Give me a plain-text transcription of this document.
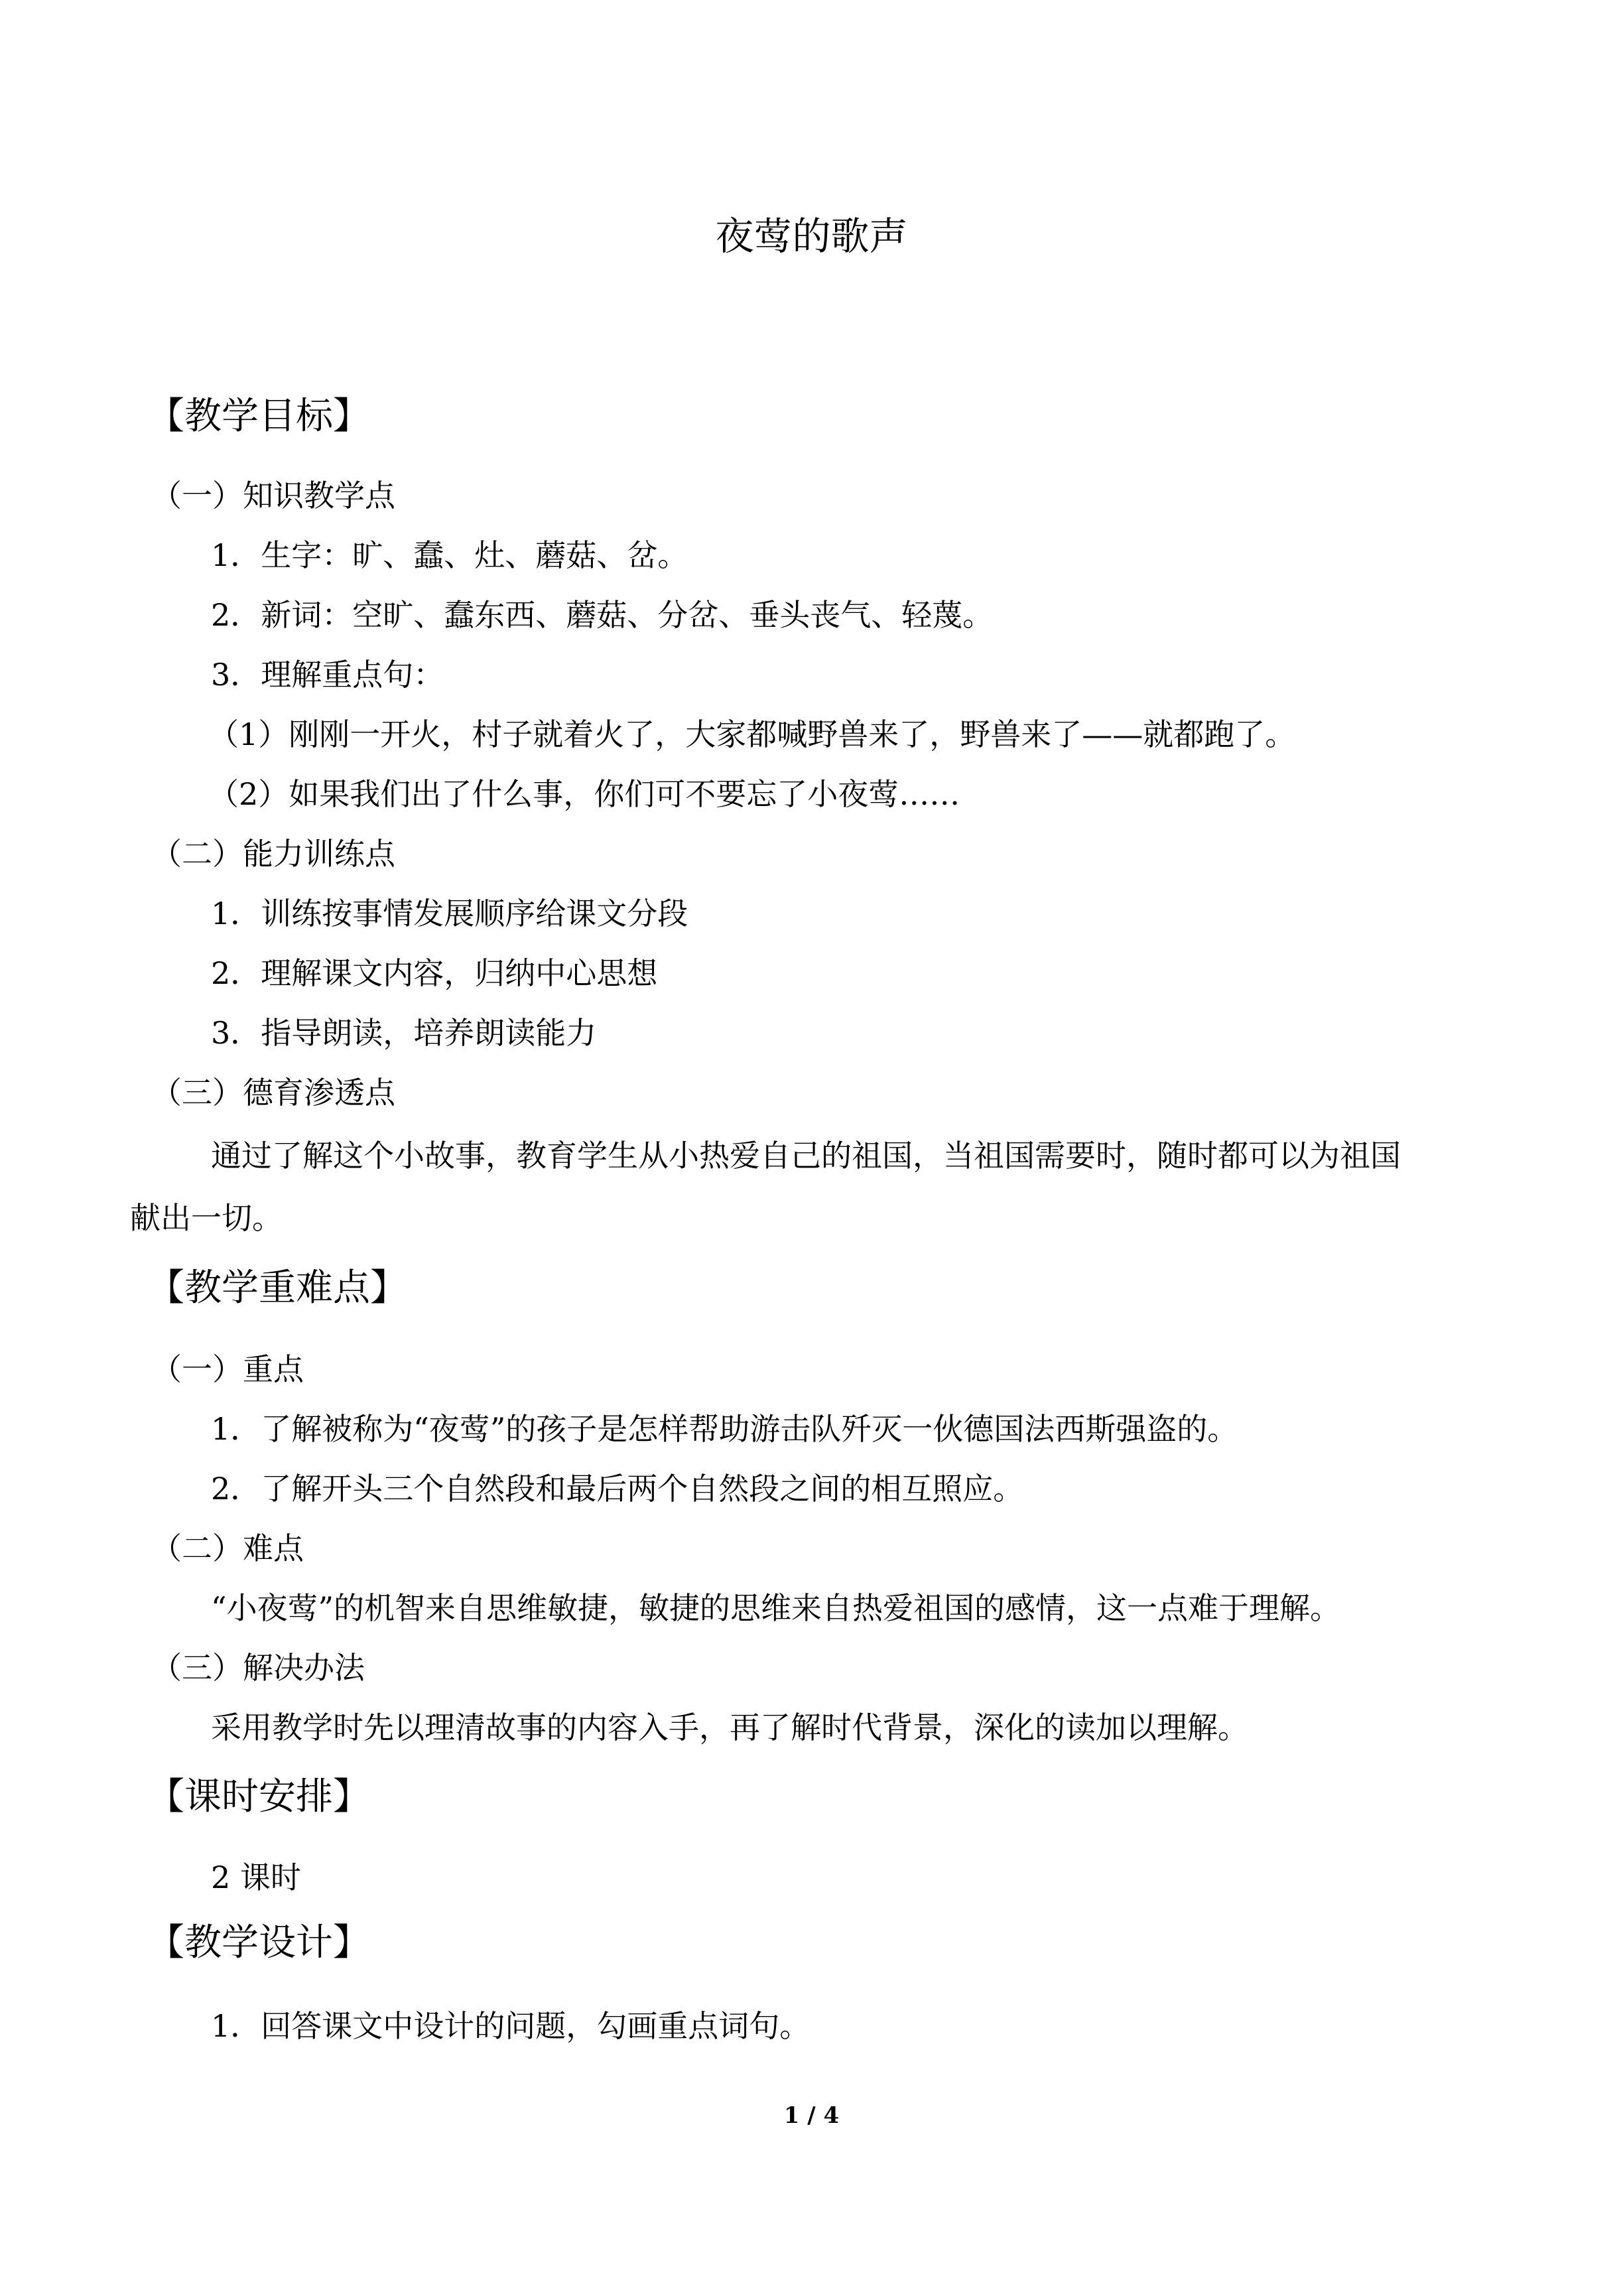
夜莺的歌声
【教学目标】
（一）知识教学点
1．生字：旷、蠢、灶、蘑菇、岔。
2．新词：空旷、蠢东西、蘑菇、分岔、垂头丧气、轻蔑。
3．理解重点句：
（1）刚刚一开火，村子就着火了，大家都喊野兽来了，野兽来了——就都跑了。
（2）如果我们出了什么事，你们可不要忘了小夜莺……
（二）能力训练点
1．训练按事情发展顺序给课文分段
2．理解课文内容，归纳中心思想
3．指导朗读，培养朗读能力
（三）德育渗透点
通过了解这个小故事，教育学生从小热爱自己的祖国，当祖国需要时，随时都可以为祖国
献出一切。
【教学重难点】
（一）重点
1．了解被称为“夜莺”的孩子是怎样帮助游击队歼灭一伙德国法西斯强盗的。
2．了解开头三个自然段和最后两个自然段之间的相互照应。
（二）难点
“小夜莺”的机智来自思维敏捷，敏捷的思维来自热爱祖国的感情，这一点难于理解。
（三）解决办法
采用教学时先以理清故事的内容入手，再了解时代背景，深化的读加以理解。
【课时安排】
2 课时
【教学设计】
1．回答课文中设计的问题，勾画重点词句。
1 / 4
